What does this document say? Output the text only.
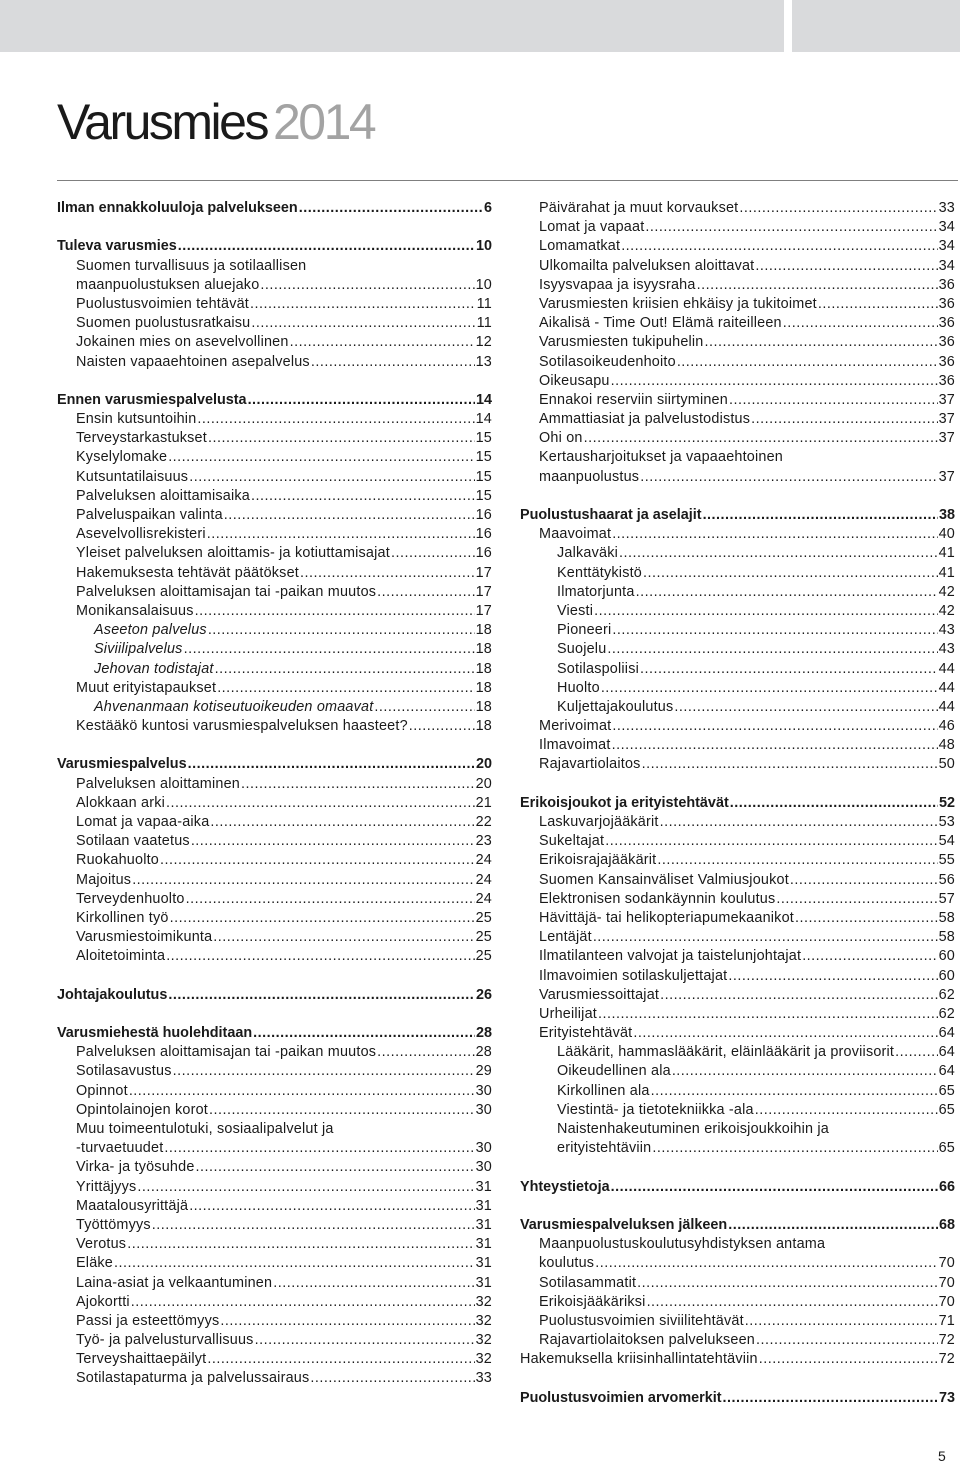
Varusmies 2014
Ilman ennakkoluuloja palvelukseen .....	6
Tuleva varusmies .....	10
Suomen turvallisuus ja sotilaallisen
maanpuolustuksen aluejako .....	10
Puolustusvoimien tehtävät .....	11
Suomen puolustusratkaisu .....	11
Jokainen mies on asevelvollinen .....	12
Naisten vapaaehtoinen asepalvelus .....	13
Ennen varusmiespalvelusta .....	14
Ensin kutsuntoihin .....	14
Terveystarkastukset .....	15
Kyselylomake .....	15
Kutsuntatilaisuus .....	15
Palveluksen aloittamisaika .....	15
Palveluspaikan valinta .....	16
Asevelvollisrekisteri .....	16
Yleiset palveluksen aloittamis- ja kotiuttamisajat .....	16
Hakemuksesta tehtävät päätökset .....	17
Palveluksen aloittamisajan tai -paikan muutos .....	17
Monikansalaisuus .....	17
Aseeton palvelus .....	18
Siviilipalvelus .....	18
Jehovan todistajat .....	18
Muut erityistapaukset .....	18
Ahvenanmaan kotiseutuoikeuden omaavat .....	18
Kestääkö kuntosi varusmiespalveluksen haasteet? .....	18
Varusmiespalvelus .....	20
Palveluksen aloittaminen .....	20
Alokkaan arki .....	21
Lomat ja vapaa-aika .....	22
Sotilaan vaatetus .....	23
Ruokahuolto .....	24
Majoitus .....	24
Terveydenhuolto .....	24
Kirkollinen työ .....	25
Varusmiestoimikunta .....	25
Aloitetoiminta .....	25
Johtajakoulutus .....	26
Varusmiehestä huolehditaan .....	28
Palveluksen aloittamisajan tai -paikan muutos .....	28
Sotilasavustus .....	29
Opinnot .....	30
Opintolainojen korot .....	30
Muu toimeentulotuki, sosiaalipalvelut ja
-turvaetuudet .....	30
Virka- ja työsuhde .....	30
Yrittäjyys .....	31
Maatalousyrittäjä .....	31
Työttömyys .....	31
Verotus .....	31
Eläke .....	31
Laina-asiat ja velkaantuminen .....	31
Ajokortti .....	32
Passi ja esteettömyys .....	32
Työ- ja palvelusturvallisuus .....	32
Terveyshaittaepäilyt .....	32
Sotilastapaturma ja palvelussairaus .....	33
Päivärahat ja muut korvaukset .....	33
Lomat ja vapaat .....	34
Lomamatkat .....	34
Ulkomailta palveluksen aloittavat .....	34
Isyysvapaa ja isyysraha .....	36
Varusmiesten kriisien ehkäisy ja tukitoimet .....	36
Aikalisä - Time Out! Elämä raiteilleen .....	36
Varusmiesten tukipuhelin .....	36
Sotilasoikeudenhoito .....	36
Oikeusapu .....	36
Ennakoi reserviin siirtyminen .....	37
Ammattiasiat ja palvelustodistus .....	37
Ohi on .....	37
Kertausharjoitukset ja vapaaehtoinen
maanpuolustus .....	37
Puolustushaarat ja aselajit .....	38
Maavoimat .....	40
Jalkaväki .....	41
Kenttätykistö .....	41
Ilmatorjunta .....	42
Viesti .....	42
Pioneeri .....	43
Suojelu .....	43
Sotilaspoliisi .....	44
Huolto .....	44
Kuljettajakoulutus .....	44
Merivoimat .....	46
Ilmavoimat .....	48
Rajavartiolaitos .....	50
Erikoisjoukot ja erityistehtävät .....	52
Laskuvarjojääkärit .....	53
Sukeltajat .....	54
Erikoisrajajääkärit .....	55
Suomen Kansainväliset Valmiusjoukot .....	56
Elektronisen sodankäynnin koulutus .....	57
Hävittäjä- tai helikopteriapumekaanikot .....	58
Lentäjät .....	58
Ilmatilanteen valvojat ja taistelunjohtajat .....	60
Ilmavoimien sotilaskuljettajat .....	60
Varusmiessoittajat .....	62
Urheilijat .....	62
Erityistehtävät .....	64
Lääkärit, hammaslääkärit, eläinlääkärit ja proviisorit .....	64
Oikeudellinen ala .....	64
Kirkollinen ala .....	65
Viestintä- ja tietotekniikka -ala .....	65
Naistenhakeutuminen erikoisjoukkoihin ja
erityistehtäviin .....	65
Yhteystietoja .....	66
Varusmiespalveluksen jälkeen .....	68
Maanpuolustuskoulutusyhdistyksen antama
koulutus .....	70
Sotilasammatit .....	70
Erikoisjääkäriksi .....	70
Puolustusvoimien siviilitehtävät .....	71
Rajavartiolaitoksen palvelukseen .....	72
Hakemuksella kriisinhallintatehtäviin .....	72
Puolustusvoimien arvomerkit .....	73
5
